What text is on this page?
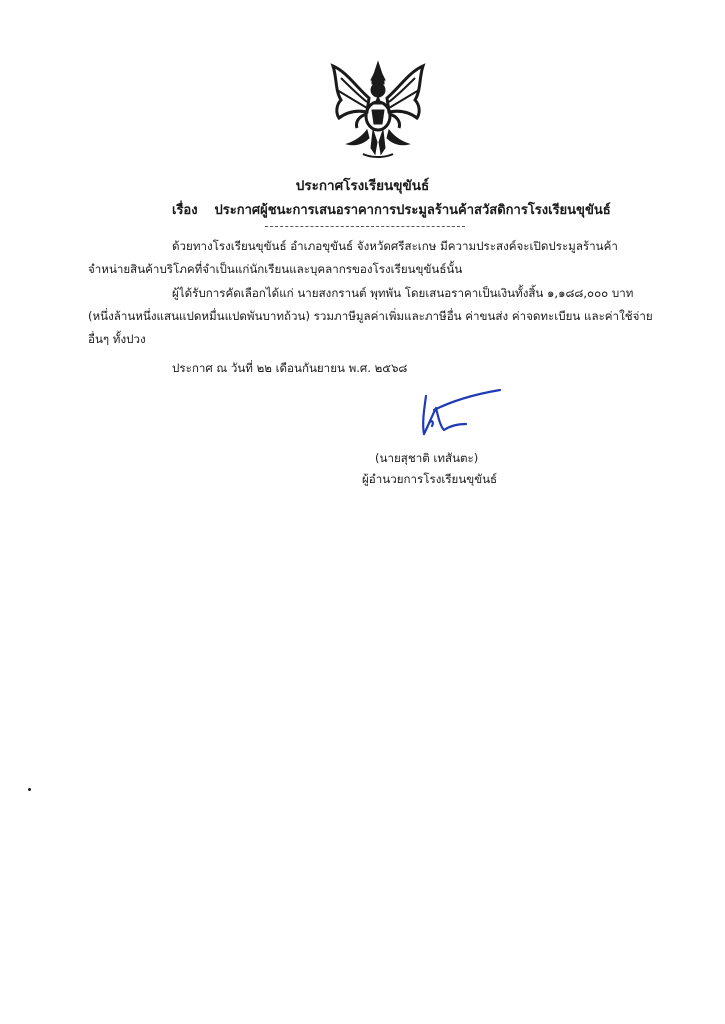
ประกาศโรงเรียนขุขันธ์
เรื่อง ประกาศผู้ชนะการเสนอราคาการประมูลร้านค้าสวัสดิการโรงเรียนขุขันธ์
ด้วยทางโรงเรียนขุขันธ์ อำเภอขุขันธ์ จังหวัดศรีสะเกษ มีความประสงค์จะเปิดประมูลร้านค้า
จำหน่ายสินค้าบริโภคที่จำเป็นแก่นักเรียนและบุคลากรของโรงเรียนขุขันธ์นั้น
ผู้ได้รับการคัดเลือกได้แก่ นายสงกรานต์ พุทพัน โดยเสนอราคาเป็นเงินทั้งสิ้น ๑,๑๘๘,๐๐๐ บาท
(หนึ่งล้านหนึ่งแสนแปดหมื่นแปดพันบาทถ้วน) รวมภาษีมูลค่าเพิ่มและภาษีอื่น ค่าขนส่ง ค่าจดทะเบียน และค่าใช้จ่าย
อื่นๆ ทั้งปวง
ประกาศ ณ วันที่ ๒๒ เดือนกันยายน พ.ศ. ๒๕๖๘
(นายสุชาติ เทสันตะ)
ผู้อำนวยการโรงเรียนขุขันธ์
